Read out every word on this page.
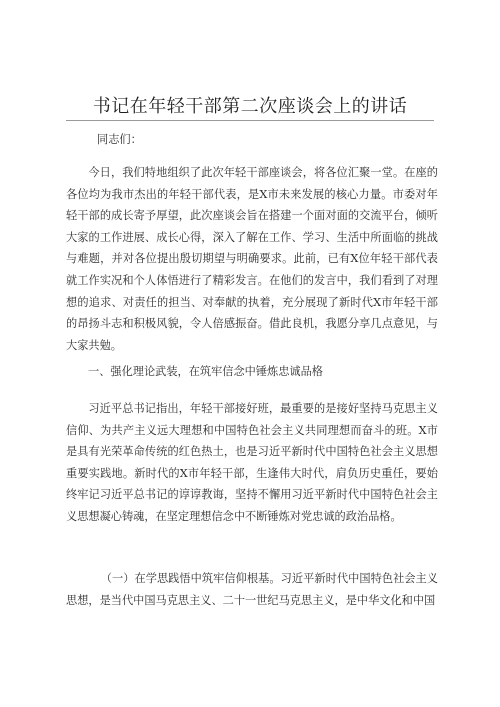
书记在年轻干部第二次座谈会上的讲话

同志们：

今日，我们特地组织了此次年轻干部座谈会，将各位汇聚一堂。在座的各位均为我市杰出的年轻干部代表，是X市未来发展的核心力量。市委对年轻干部的成长寄予厚望，此次座谈会旨在搭建一个面对面的交流平台，倾听大家的工作进展、成长心得，深入了解在工作、学习、生活中所面临的挑战与难题，并对各位提出殷切期望与明确要求。此前，已有X位年轻干部代表就工作实况和个人体悟进行了精彩发言。在他们的发言中，我们看到了对理想的追求、对责任的担当、对奉献的执着，充分展现了新时代X市年轻干部的昂扬斗志和积极风貌，令人倍感振奋。借此良机，我愿分享几点意见，与大家共勉。

一、强化理论武装，在筑牢信念中锤炼忠诚品格

习近平总书记指出，年轻干部接好班，最重要的是接好坚持马克思主义信仰、为共产主义远大理想和中国特色社会主义共同理想而奋斗的班。X市是具有光荣革命传统的红色热土，也是习近平新时代中国特色社会主义思想重要实践地。新时代的X市年轻干部，生逢伟大时代，肩负历史重任，要始终牢记习近平总书记的谆谆教诲，坚持不懈用习近平新时代中国特色社会主义思想凝心铸魂，在坚定理想信念中不断锤炼对党忠诚的政治品格。

（一）在学思践悟中筑牢信仰根基。习近平新时代中国特色社会主义思想，是当代中国马克思主义、二十一世纪马克思主义，是中华文化和中国
